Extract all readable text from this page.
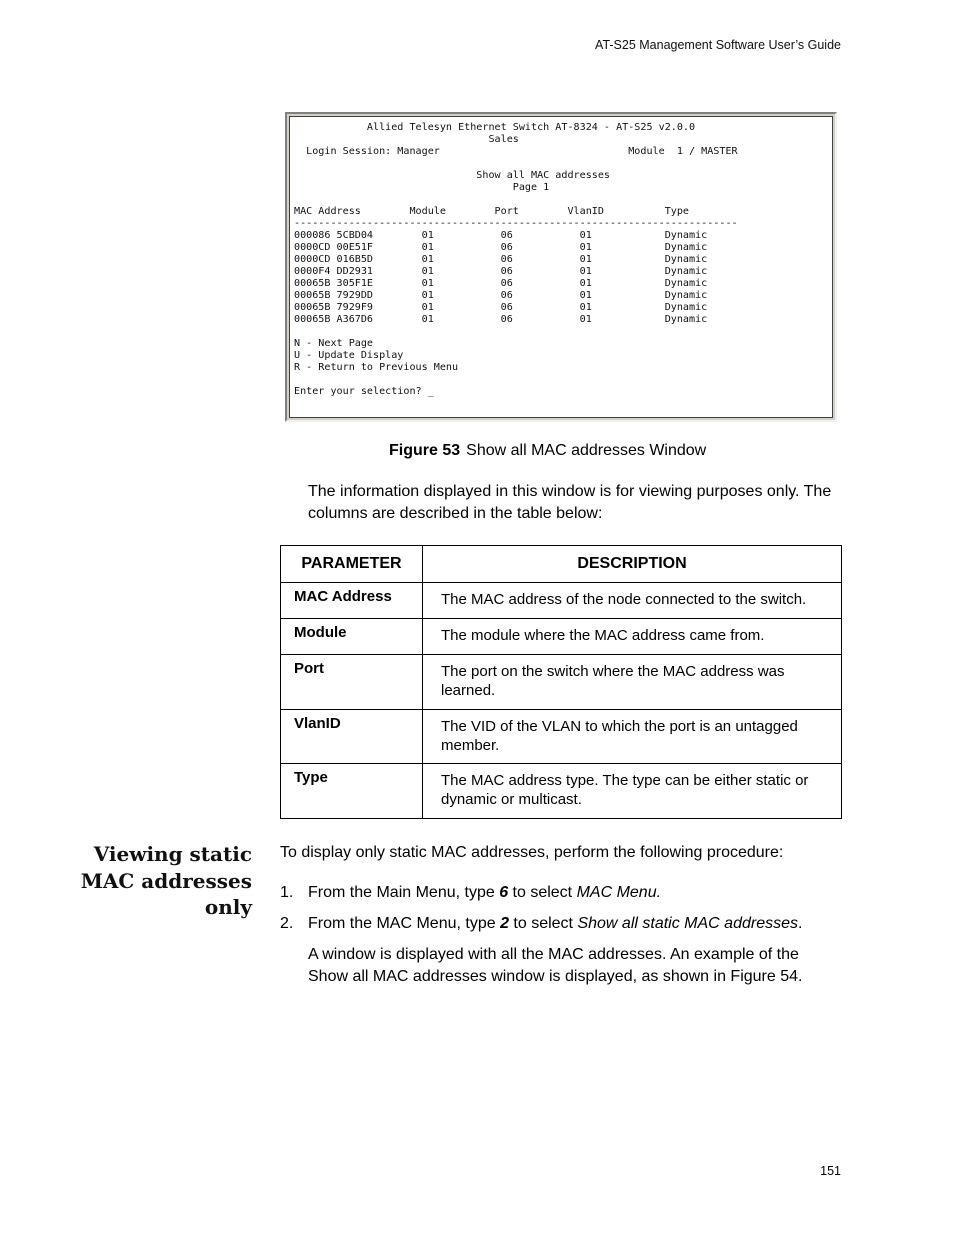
AT-S25 Management Software User’s Guide
Allied Telesyn Ethernet Switch AT-8324 - AT-S25 v2.0.0
Sales
Login Session: Manager                               Module  1 / MASTER

Show all MAC addresses
Page 1

MAC Address        Module        Port        VlanID          Type
-------------------------------------------------------------------------
000086 5CBD04        01           06           01            Dynamic
0000CD 00E51F        01           06           01            Dynamic
0000CD 016B5D        01           06           01            Dynamic
0000F4 DD2931        01           06           01            Dynamic
00065B 305F1E        01           06           01            Dynamic
00065B 7929DD        01           06           01            Dynamic
00065B 7929F9        01           06           01            Dynamic
00065B A367D6        01           06           01            Dynamic

N - Next Page
U - Update Display
R - Return to Previous Menu

Enter your selection? _
Figure 53 Show all MAC addresses Window
The information displayed in this window is for viewing purposes only. The columns are described in the table below:
PARAMETER	DESCRIPTION
MAC Address	The MAC address of the node connected to the switch.
Module	The module where the MAC address came from.
Port	The port on the switch where the MAC address was learned.
VlanID	The VID of the VLAN to which the port is an untagged member.
Type	The MAC address type. The type can be either static or dynamic or multicast.
Viewing static
MAC addresses
only
To display only static MAC addresses, perform the following procedure:
1. From the Main Menu, type 6 to select MAC Menu.
2. From the MAC Menu, type 2 to select Show all static MAC addresses.
A window is displayed with all the MAC addresses. An example of the Show all MAC addresses window is displayed, as shown in Figure 54.
151
